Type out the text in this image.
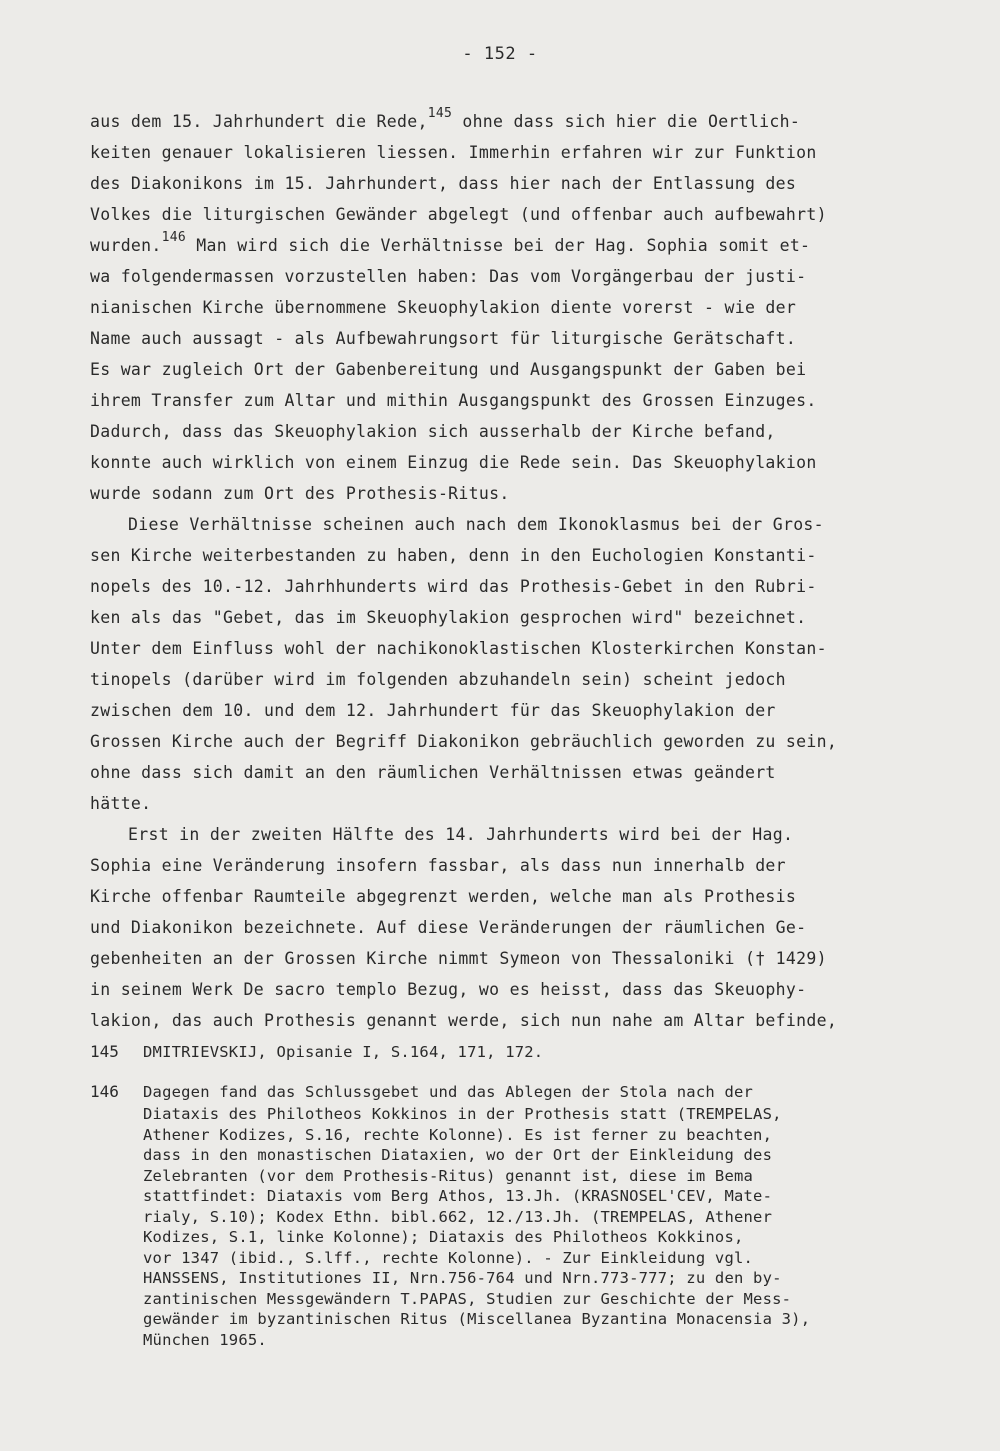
- 152 -
aus dem 15. Jahrhundert die Rede,$^{145}$ ohne dass sich hier die Oertlich-
keiten genauer lokalisieren liessen. Immerhin erfahren wir zur Funktion
des Diakonikons im 15. Jahrhundert, dass hier nach der Entlassung des
Volkes die liturgischen Gewänder abgelegt (und offenbar auch aufbewahrt)
wurden.$^{146}$ Man wird sich die Verhältnisse bei der Hag. Sophia somit et-
wa folgendermassen vorzustellen haben: Das vom Vorgängerbau der justi-
nianischen Kirche übernommene Skeuophylakion diente vorerst - wie der
Name auch aussagt - als Aufbewahrungsort für liturgische Gerätschaft.
Es war zugleich Ort der Gabenbereitung und Ausgangspunkt der Gaben bei
ihrem Transfer zum Altar und mithin Ausgangspunkt des Grossen Einzuges.
Dadurch, dass das Skeuophylakion sich ausserhalb der Kirche befand,
konnte auch wirklich von einem Einzug die Rede sein. Das Skeuophylakion
wurde sodann zum Ort des Prothesis-Ritus.
Diese Verhältnisse scheinen auch nach dem Ikonoklasmus bei der Gros-
sen Kirche weiterbestanden zu haben, denn in den Euchologien Konstanti-
nopels des 10.-12. Jahrhhunderts wird das Prothesis-Gebet in den Rubri-
ken als das "Gebet, das im Skeuophylakion gesprochen wird" bezeichnet.
Unter dem Einfluss wohl der nachikonoklastischen Klosterkirchen Konstan-
tinopels (darüber wird im folgenden abzuhandeln sein) scheint jedoch
zwischen dem 10. und dem 12. Jahrhundert für das Skeuophylakion der
Grossen Kirche auch der Begriff Diakonikon gebräuchlich geworden zu sein,
ohne dass sich damit an den räumlichen Verhältnissen etwas geändert
hätte.
Erst in der zweiten Hälfte des 14. Jahrhunderts wird bei der Hag.
Sophia eine Veränderung insofern fassbar, als dass nun innerhalb der
Kirche offenbar Raumteile abgegrenzt werden, welche man als Prothesis
und Diakonikon bezeichnete. Auf diese Veränderungen der räumlichen Ge-
gebenheiten an der Grossen Kirche nimmt Symeon von Thessaloniki († 1429)
in seinem Werk De sacro templo Bezug, wo es heisst, dass das Skeuophy-
lakion, das auch Prothesis genannt werde, sich nun nahe am Altar befinde,
145	DMITRIEVSKIJ, Opisanie I, S.164, 171, 172.
146	Dagegen fand das Schlussgebet und das Ablegen der Stola nach der
Diataxis des Philotheos Kokkinos in der Prothesis statt (TREMPELAS,
Athener Kodizes, S.16, rechte Kolonne). Es ist ferner zu beachten,
dass in den monastischen Diataxien, wo der Ort der Einkleidung des
Zelebranten (vor dem Prothesis-Ritus) genannt ist, diese im Bema
stattfindet: Diataxis vom Berg Athos, 13.Jh. (KRASNOSEL'CEV, Mate-
rialy, S.10); Kodex Ethn. bibl.662, 12./13.Jh. (TREMPELAS, Athener
Kodizes, S.1, linke Kolonne); Diataxis des Philotheos Kokkinos,
vor 1347 (ibid., S.lff., rechte Kolonne). - Zur Einkleidung vgl.
HANSSENS, Institutiones II, Nrn.756-764 und Nrn.773-777; zu den by-
zantinischen Messgewändern T.PAPAS, Studien zur Geschichte der Mess-
gewänder im byzantinischen Ritus (Miscellanea Byzantina Monacensia 3),
München 1965.
